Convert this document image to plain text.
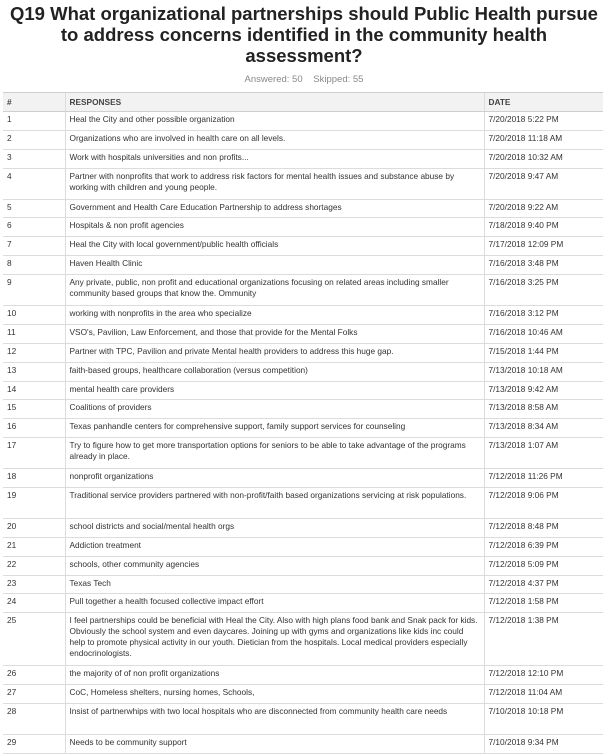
Q19 What organizational partnerships should Public Health pursue to address concerns identified in the community health assessment?
Answered: 50 Skipped: 55
#	RESPONSES	DATE
1	Heal the City and other possible organization	7/20/2018 5:22 PM
2	Organizations who are involved in health care on all levels.	7/20/2018 11:18 AM
3	Work with hospitals universities and non profits...	7/20/2018 10:32 AM
4	Partner with nonprofits that work to address risk factors for mental health issues and substance abuse by working with children and young people.	7/20/2018 9:47 AM
5	Government and Health Care Education Partnership to address shortages	7/20/2018 9:22 AM
6	Hospitals & non profit agencies	7/18/2018 9:40 PM
7	Heal the City with local government/public health officials	7/17/2018 12:09 PM
8	Haven Health Clinic	7/16/2018 3:48 PM
9	Any private, public, non profit and educational organizations focusing on related areas including smaller community based groups that know the. Ommunity	7/16/2018 3:25 PM
10	working with nonprofits in the area who specialize	7/16/2018 3:12 PM
11	VSO's, Pavilion, Law Enforcement, and those that provide for the Mental Folks	7/16/2018 10:46 AM
12	Partner with TPC, Pavilion and private Mental health providers to address this huge gap.	7/15/2018 1:44 PM
13	faith-based groups, healthcare collaboration (versus competition)	7/13/2018 10:18 AM
14	mental health care providers	7/13/2018 9:42 AM
15	Coalitions of providers	7/13/2018 8:58 AM
16	Texas panhandle centers for comprehensive support, family support services for counseling	7/13/2018 8:34 AM
17	Try to figure how to get more transportation options for seniors to be able to take advantage of the programs already in place.	7/13/2018 1:07 AM
18	nonprofit organizations	7/12/2018 11:26 PM
19	Traditional service providers partnered with non-profit/faith based organizations servicing at risk populations.	7/12/2018 9:06 PM
20	school districts and social/mental health orgs	7/12/2018 8:48 PM
21	Addiction treatment	7/12/2018 6:39 PM
22	schools, other community agencies	7/12/2018 5:09 PM
23	Texas Tech	7/12/2018 4:37 PM
24	Pull together a health focused collective impact effort	7/12/2018 1:58 PM
25	I feel partnerships could be beneficial with Heal the City. Also with high plans food bank and Snak pack for kids. Obviously the school system and even daycares. Joining up with gyms and organizations like kids inc could help to promote physical activity in our youth. Dietician from the hospitals. Local medical providers especially endocrinologists.	7/12/2018 1:38 PM
26	the majority of of non profit organizations	7/12/2018 12:10 PM
27	CoC, Homeless shelters, nursing homes, Schools,	7/12/2018 11:04 AM
28	Insist of partnerwhips with two local hospitals who are disconnected from community health care needs	7/10/2018 10:18 PM
29	Needs to be community support	7/10/2018 9:34 PM
